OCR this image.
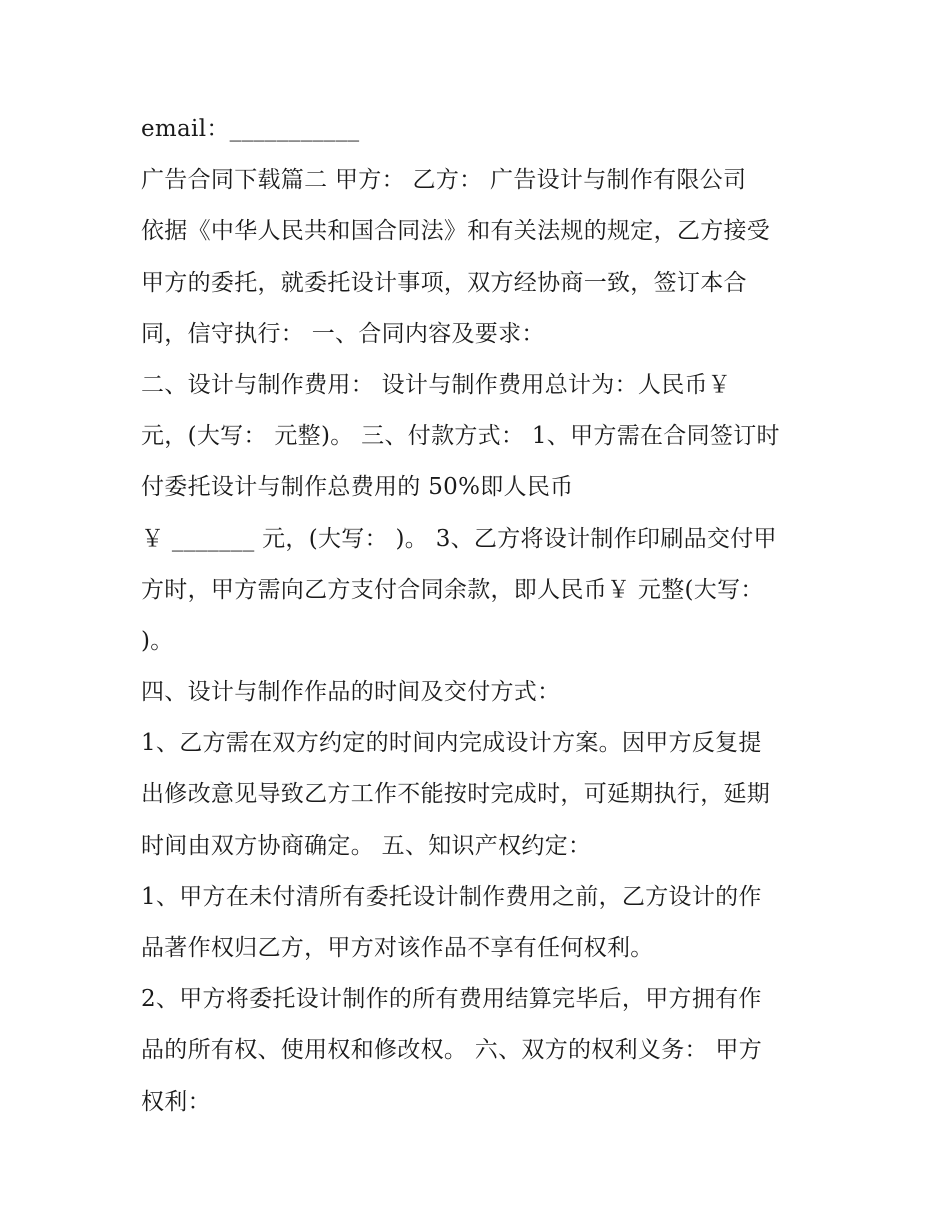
email：___________
广告合同下载篇二 甲方： 乙方： 广告设计与制作有限公司
依据《中华人民共和国合同法》和有关法规的规定，乙方接受
甲方的委托，就委托设计事项，双方经协商一致，签订本合
同，信守执行： 一、合同内容及要求：
二、设计与制作费用： 设计与制作费用总计为：人民币￥
元，(大写： 元整)。 三、付款方式： 1、甲方需在合同签订时
付委托设计与制作总费用的 50%即人民币
￥ _______ 元，(大写： )。 3、乙方将设计制作印刷品交付甲
方时，甲方需向乙方支付合同余款，即人民币￥ 元整(大写：
)。
四、设计与制作作品的时间及交付方式：
1、乙方需在双方约定的时间内完成设计方案。因甲方反复提
出修改意见导致乙方工作不能按时完成时，可延期执行，延期
时间由双方协商确定。 五、知识产权约定：
1、甲方在未付清所有委托设计制作费用之前，乙方设计的作
品著作权归乙方，甲方对该作品不享有任何权利。
2、甲方将委托设计制作的所有费用结算完毕后，甲方拥有作
品的所有权、使用权和修改权。 六、双方的权利义务： 甲方
权利：
